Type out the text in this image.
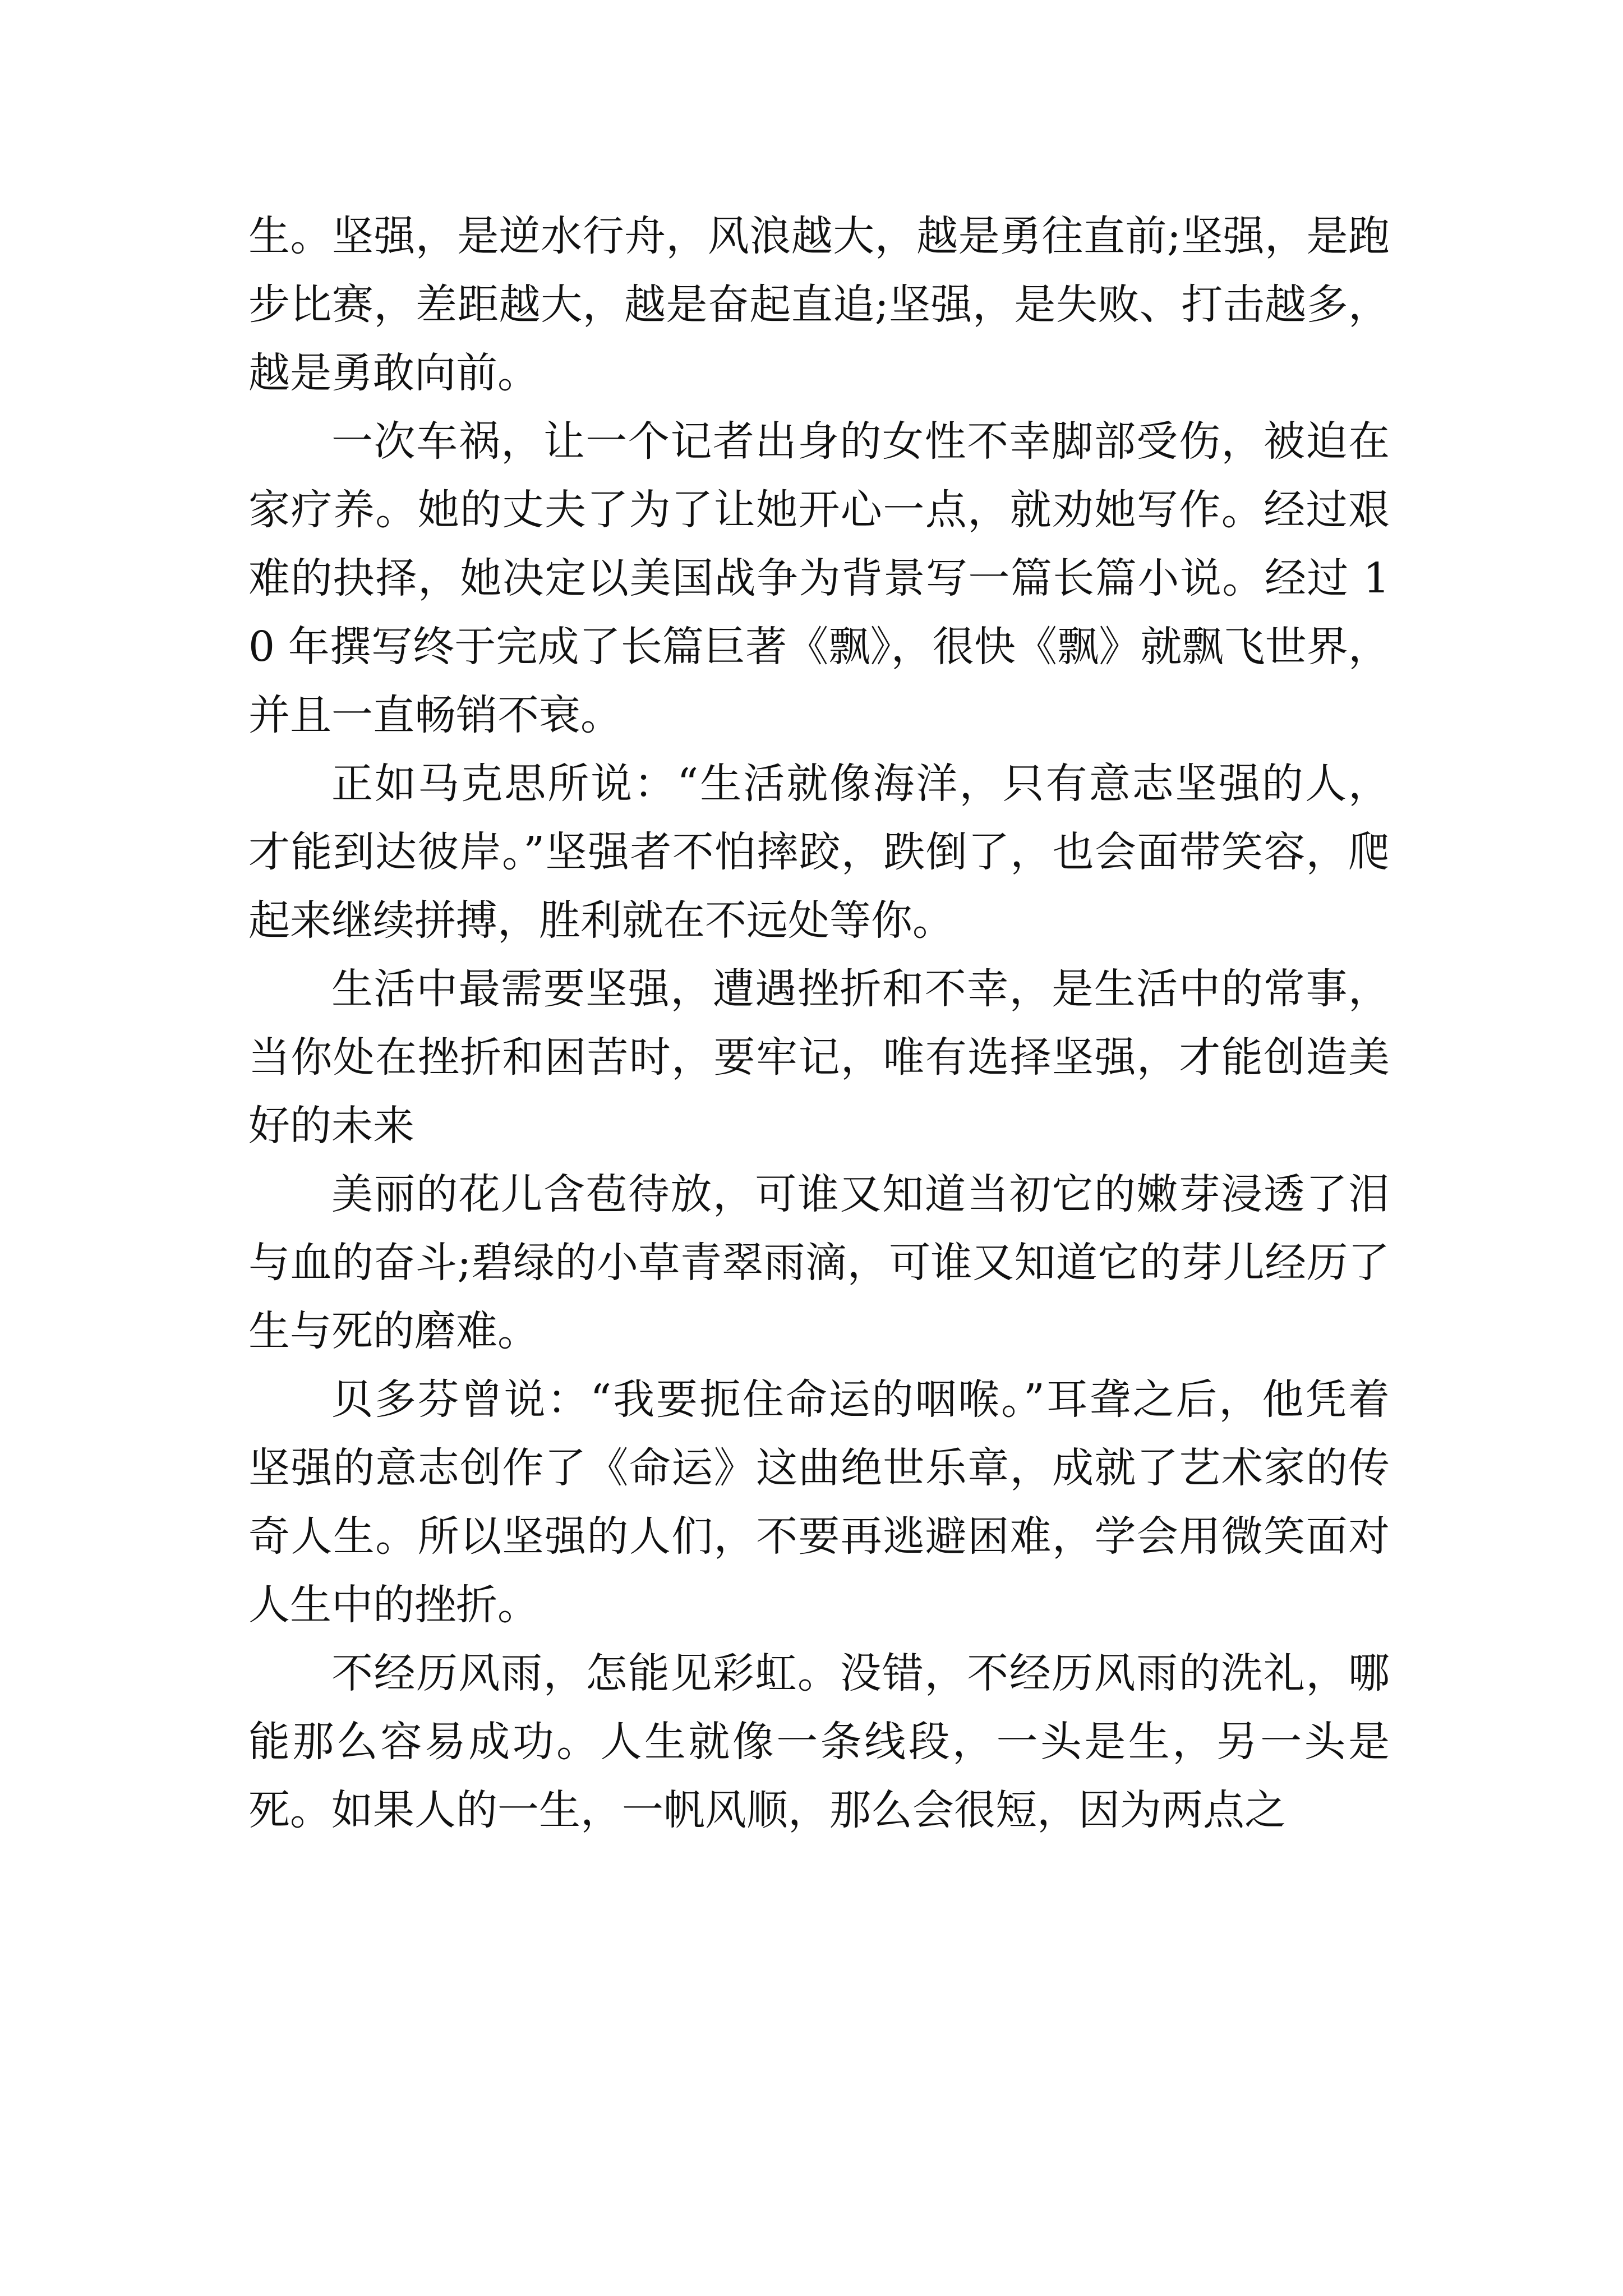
生。坚强，是逆水行舟，风浪越大，越是勇往直前;坚强，是跑步比赛，差距越大，越是奋起直追;坚强，是失败、打击越多，越是勇敢向前。

一次车祸，让一个记者出身的女性不幸脚部受伤，被迫在家疗养。她的丈夫了为了让她开心一点，就劝她写作。经过艰难的抉择，她决定以美国战争为背景写一篇长篇小说。经过 10 年撰写终于完成了长篇巨著《飘》，很快《飘》就飘飞世界，并且一直畅销不衰。

正如马克思所说：“生活就像海洋，只有意志坚强的人，才能到达彼岸。”坚强者不怕摔跤，跌倒了，也会面带笑容，爬起来继续拼搏，胜利就在不远处等你。

生活中最需要坚强，遭遇挫折和不幸，是生活中的常事，当你处在挫折和困苦时，要牢记，唯有选择坚强，才能创造美好的未来

美丽的花儿含苞待放，可谁又知道当初它的嫩芽浸透了泪与血的奋斗;碧绿的小草青翠雨滴，可谁又知道它的芽儿经历了生与死的磨难。

贝多芬曾说：“我要扼住命运的咽喉。”耳聋之后，他凭着坚强的意志创作了《命运》这曲绝世乐章，成就了艺术家的传奇人生。所以坚强的人们，不要再逃避困难，学会用微笑面对人生中的挫折。

不经历风雨，怎能见彩虹。没错，不经历风雨的洗礼，哪能那么容易成功。人生就像一条线段，一头是生，另一头是死。如果人的一生，一帆风顺，那么会很短，因为两点之
